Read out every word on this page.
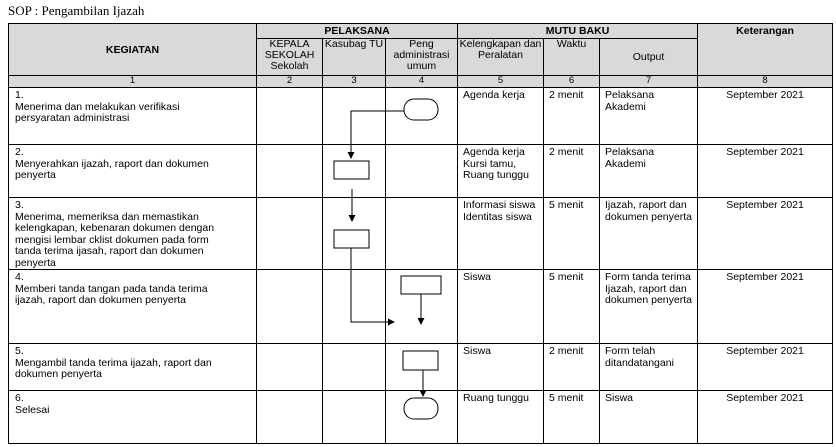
SOP : Pengambilan Ijazah
KEGIATAN	PELAKSANA			MUTU BAKU			Keterangan
	KEPALA SEKOLAH Sekolah	Kasubag TU	Peng administrasi umum	Kelengkapan dan Peralatan	Waktu	Output	
1	2	3	4	5	6	7	8
1.Menerima dan melakukan verifikasi persyaratan administrasi				Agenda kerja	2 menit	Pelaksana Akademi	September 2021
2.Menyerahkan ijazah, raport dan dokumen penyerta				Agenda kerja Kursi tamu, Ruang tunggu	2 menit	Pelaksana Akademi	September 2021
3.Menerima, memeriksa dan memastikan kelengkapan, kebenaran dokumen dengan mengisi lembar cklist dokumen pada form tanda terima ijasah, raport dan dokumen penyerta				Informasi siswa Identitas siswa	5 menit	Ijazah, raport dan dokumen penyerta	September 2021
4.Memberi tanda tangan pada tanda terima ijazah, raport dan dokumen penyerta				Siswa	5 menit	Form tanda terima Ijazah, raport dan dokumen penyerta	September 2021
5.Mengambil tanda terima ijazah, raport dan dokumen penyerta				Siswa	2 menit	Form telah ditandatangani	September 2021
6.Selesai				Ruang tunggu	5 menit	Siswa	September 2021
